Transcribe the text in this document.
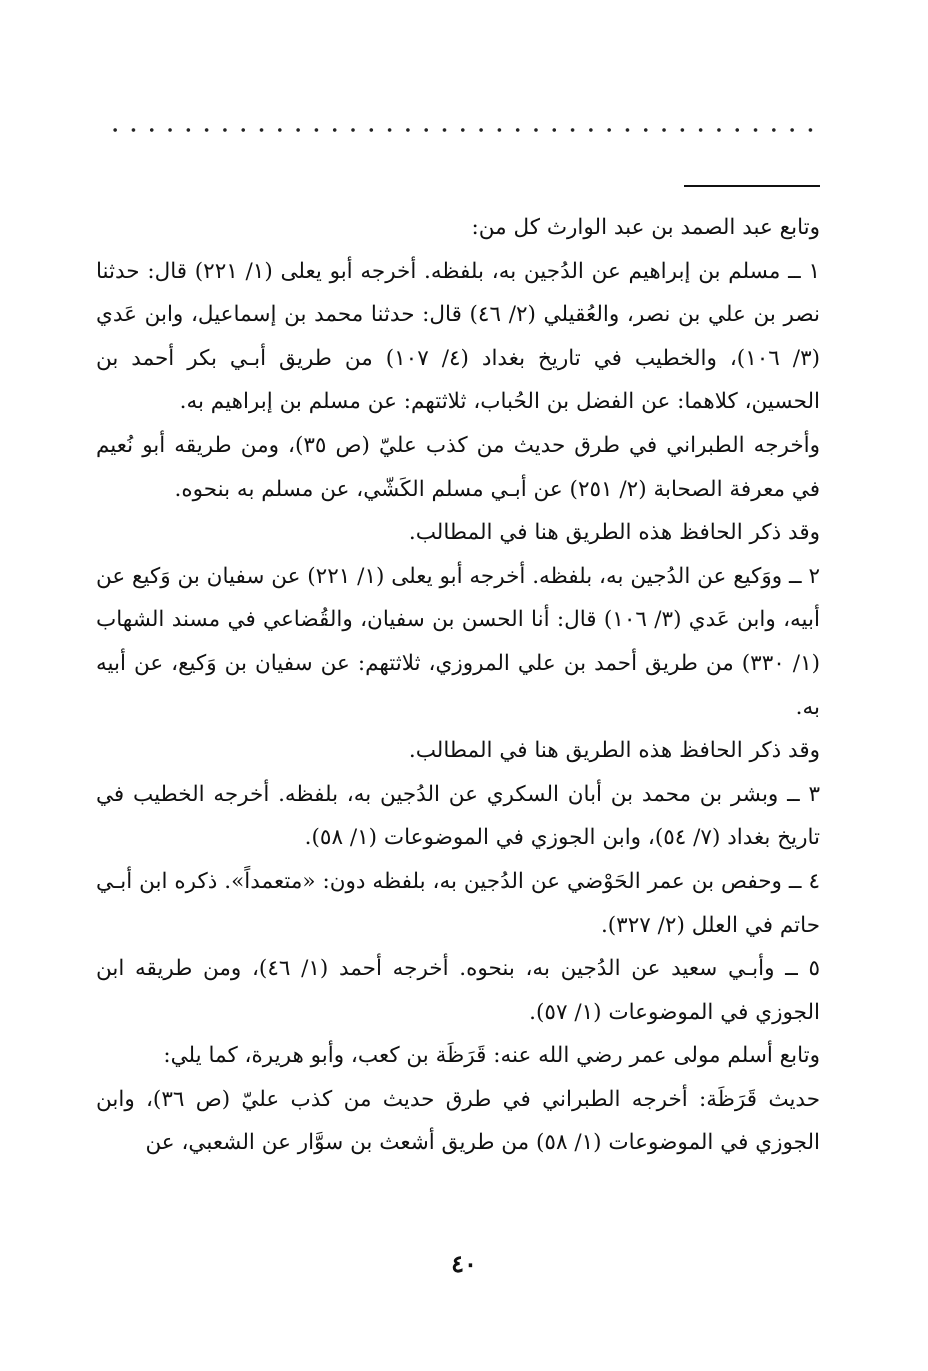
وتابع عبد الصمد بن عبد الوارث كل من:

١ ــ مسلم بن إبراهيم عن الدُجين به، بلفظه. أخرجه أبو يعلى (١/ ٢٢١) قال: حدثنا نصر بن علي بن نصر، والعُقيلي (٢/ ٤٦) قال: حدثنا محمد بن إسماعيل، وابن عَدي (٣/ ١٠٦)، والخطيب في تاريخ بغداد (٤/ ١٠٧) من طريق أبـي بكر أحمد بن الحسين، كلاهما: عن الفضل بن الحُباب، ثلاثتهم: عن مسلم بن إبراهيم به.

وأخرجه الطبراني في طرق حديث من كذب عليّ (ص ٣٥)، ومن طريقه أبو نُعيم في معرفة الصحابة (٢/ ٢٥١) عن أبـي مسلم الكَشّي، عن مسلم به بنحوه.

وقد ذكر الحافظ هذه الطريق هنا في المطالب.

٢ ــ ووَكيع عن الدُجين به، بلفظه. أخرجه أبو يعلى (١/ ٢٢١) عن سفيان بن وَكيع عن أبيه، وابن عَدي (٣/ ١٠٦) قال: أنا الحسن بن سفيان، والقُضاعي في مسند الشهاب (١/ ٣٣٠) من طريق أحمد بن علي المروزي، ثلاثتهم: عن سفيان بن وَكيع، عن أبيه به.

وقد ذكر الحافظ هذه الطريق هنا في المطالب.

٣ ــ وبشر بن محمد بن أبان السكري عن الدُجين به، بلفظه. أخرجه الخطيب في تاريخ بغداد (٧/ ٥٤)، وابن الجوزي في الموضوعات (١/ ٥٨).

٤ ــ وحفص بن عمر الحَوْضي عن الدُجين به، بلفظه دون: «متعمداً». ذكره ابن أبـي حاتم في العلل (٢/ ٣٢٧).

٥ ــ وأبـي سعيد عن الدُجين به، بنحوه. أخرجه أحمد (١/ ٤٦)، ومن طريقه ابن الجوزي في الموضوعات (١/ ٥٧).

وتابع أسلم مولى عمر رضي الله عنه: قَرَظَة بن كعب، وأبو هريرة، كما يلي:

حديث قَرَظَة: أخرجه الطبراني في طرق حديث من كذب عليّ (ص ٣٦)، وابن الجوزي في الموضوعات (١/ ٥٨) من طريق أشعث بن سوَّار عن الشعبي، عن

٤٠
